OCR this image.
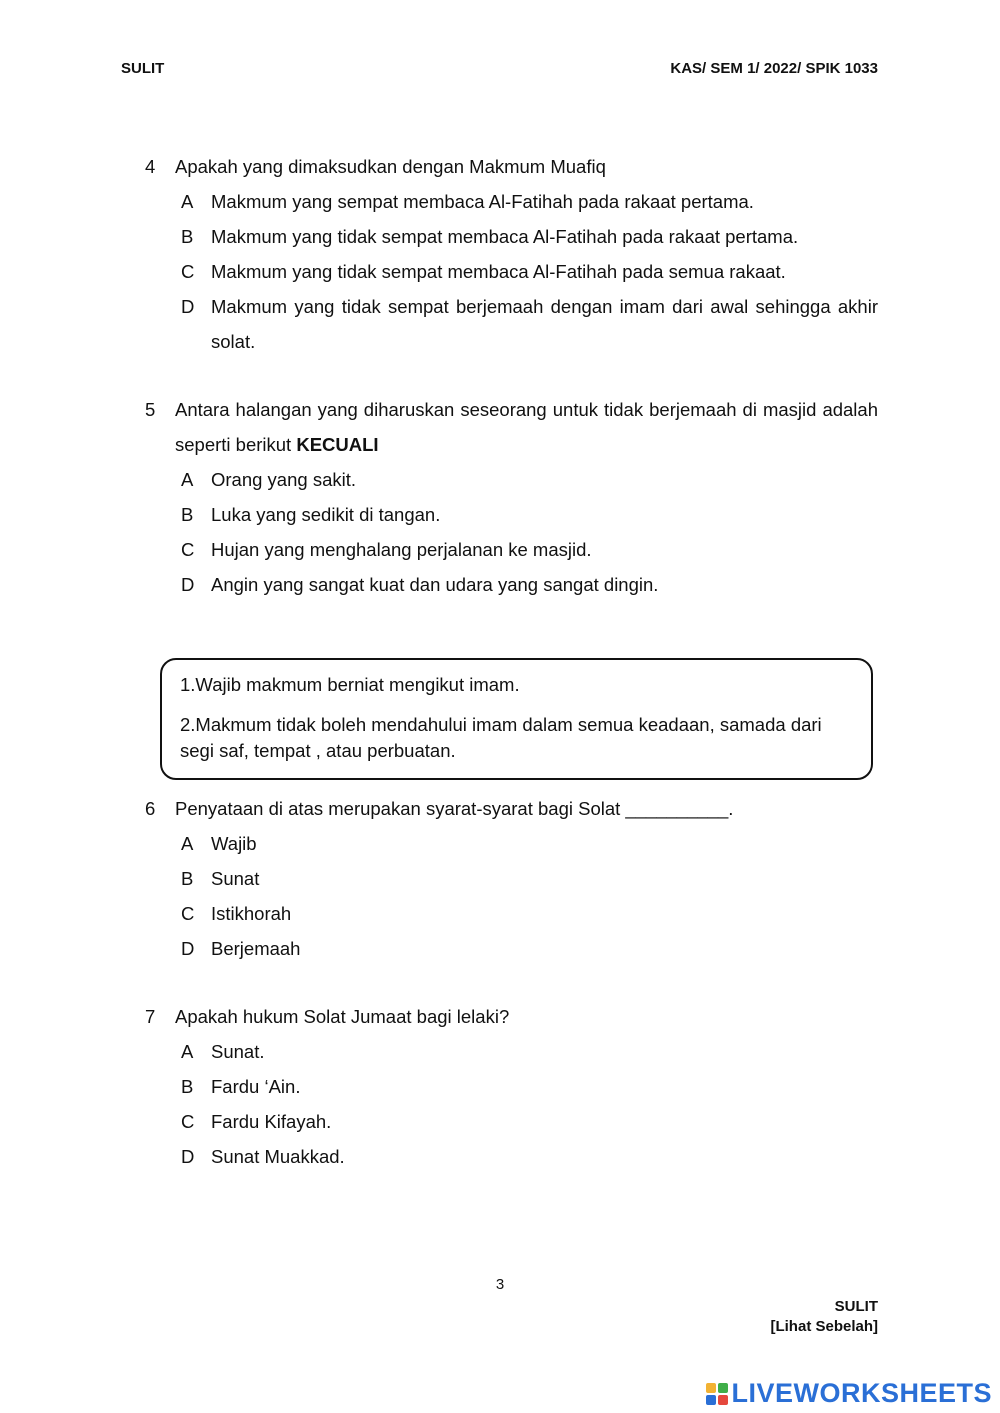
SULIT	KAS/ SEM 1/ 2022/ SPIK 1033
4	Apakah yang dimaksudkan dengan Makmum Muafiq
A Makmum yang sempat membaca Al-Fatihah pada rakaat pertama.
B Makmum yang tidak sempat membaca Al-Fatihah pada rakaat pertama.
C Makmum yang tidak sempat membaca Al-Fatihah pada semua rakaat.
D Makmum yang tidak sempat berjemaah dengan imam dari awal sehingga akhir solat.
5	Antara halangan yang diharuskan seseorang untuk tidak berjemaah di masjid adalah seperti berikut KECUALI
A Orang yang sakit.
B Luka yang sedikit di tangan.
C Hujan yang menghalang perjalanan ke masjid.
D Angin yang sangat kuat dan udara yang sangat dingin.

1.Wajib makmum berniat mengikut imam.

2.Makmum tidak boleh mendahului imam dalam semua keadaan, samada dari segi saf, tempat , atau perbuatan.

6	Penyataan di atas merupakan syarat-syarat bagi Solat __________.
A Wajib
B Sunat
C Istikhorah
D Berjemaah
7	Apakah hukum Solat Jumaat bagi lelaki?
A Sunat.
B Fardu ‘Ain.
C Fardu Kifayah.
D Sunat Muakkad.
3
SULIT
[Lihat Sebelah]
LIVEWORKSHEETS
